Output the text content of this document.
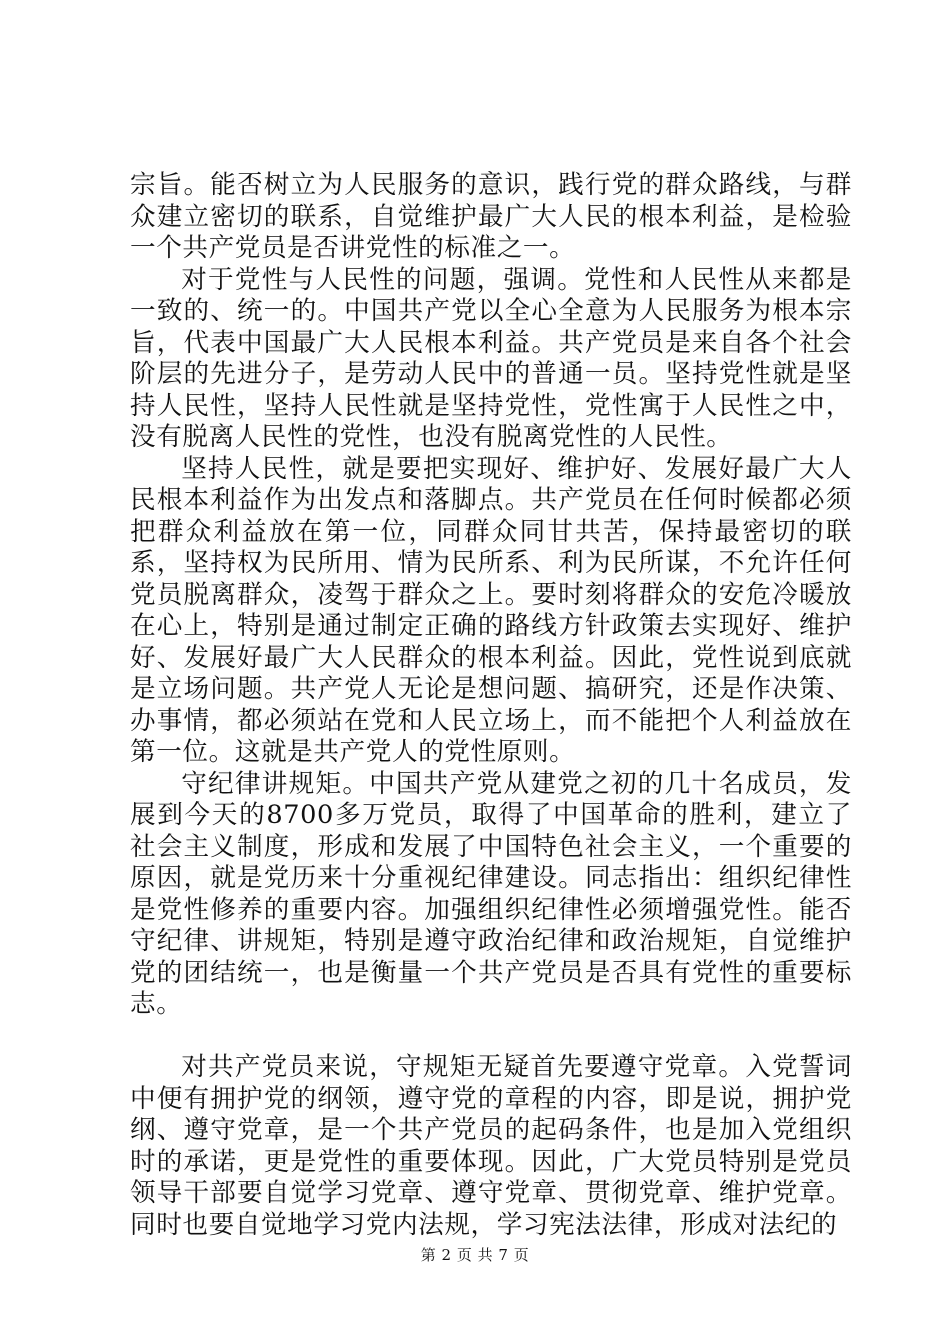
宗旨。能否树立为人民服务的意识，践行党的群众路线，与群众建立密切的联系，自觉维护最广大人民的根本利益，是检验一个共产党员是否讲党性的标准之一。

对于党性与人民性的问题，强调。党性和人民性从来都是一致的、统一的。中国共产党以全心全意为人民服务为根本宗旨，代表中国最广大人民根本利益。共产党员是来自各个社会阶层的先进分子，是劳动人民中的普通一员。坚持党性就是坚持人民性，坚持人民性就是坚持党性，党性寓于人民性之中，没有脱离人民性的党性，也没有脱离党性的人民性。

坚持人民性，就是要把实现好、维护好、发展好最广大人民根本利益作为出发点和落脚点。共产党员在任何时候都必须把群众利益放在第一位，同群众同甘共苦，保持最密切的联系，坚持权为民所用、情为民所系、利为民所谋，不允许任何党员脱离群众，凌驾于群众之上。要时刻将群众的安危冷暖放在心上，特别是通过制定正确的路线方针政策去实现好、维护好、发展好最广大人民群众的根本利益。因此，党性说到底就是立场问题。共产党人无论是想问题、搞研究，还是作决策、办事情，都必须站在党和人民立场上，而不能把个人利益放在第一位。这就是共产党人的党性原则。

守纪律讲规矩。中国共产党从建党之初的几十名成员，发展到今天的8700多万党员，取得了中国革命的胜利，建立了社会主义制度，形成和发展了中国特色社会主义，一个重要的原因，就是党历来十分重视纪律建设。同志指出：组织纪律性是党性修养的重要内容。加强组织纪律性必须增强党性。能否守纪律、讲规矩，特别是遵守政治纪律和政治规矩，自觉维护党的团结统一，也是衡量一个共产党员是否具有党性的重要标志。

对共产党员来说，守规矩无疑首先要遵守党章。入党誓词中便有拥护党的纲领，遵守党的章程的内容，即是说，拥护党纲、遵守党章，是一个共产党员的起码条件，也是加入党组织时的承诺，更是党性的重要体现。因此，广大党员特别是党员领导干部要自觉学习党章、遵守党章、贯彻党章、维护党章。同时也要自觉地学习党内法规，学习宪法法律，形成对法纪的

第 2 页 共 7 页
